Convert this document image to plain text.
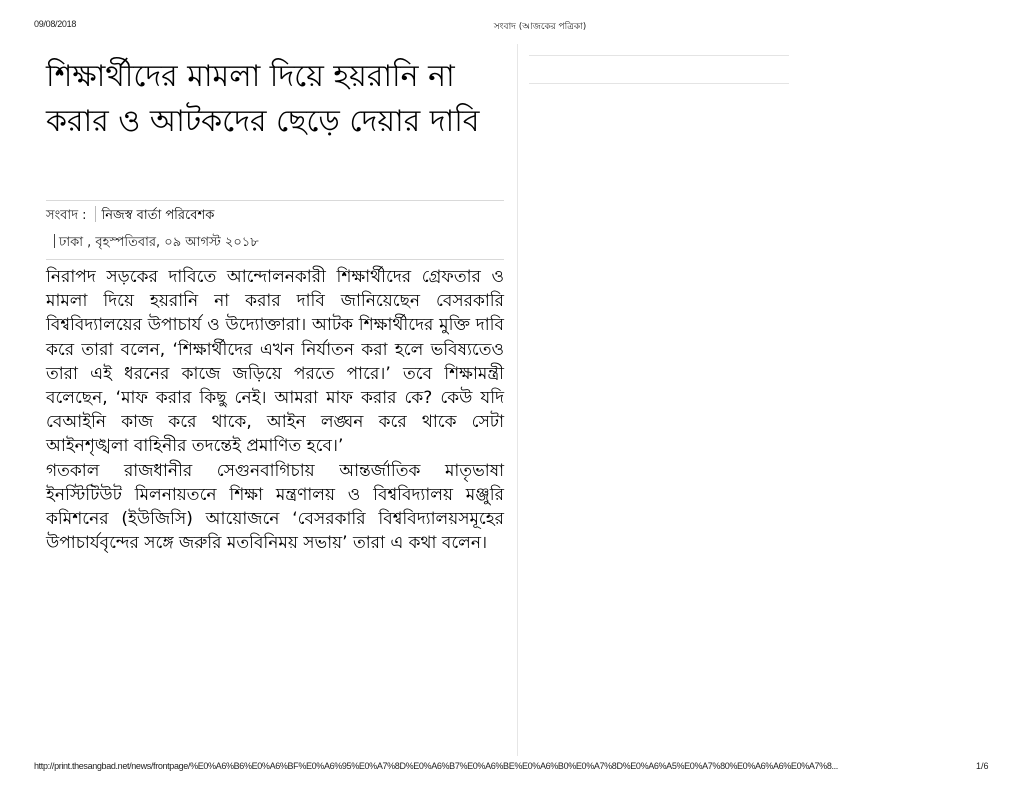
09/08/2018	সংবাদ (আজকের পত্রিকা)
শিক্ষার্থীদের মামলা দিয়ে হয়রানি না করার ও আটকদের ছেড়ে দেয়ার দাবি
সংবাদ : নিজস্ব বার্তা পরিবেশক
ঢাকা , বৃহস্পতিবার, ০৯ আগস্ট ২০১৮

নিরাপদ সড়কের দাবিতে আন্দোলনকারী শিক্ষার্থীদের গ্রেফতার ও মামলা দিয়ে হয়রানি না করার দাবি জানিয়েছেন বেসরকারি বিশ্ববিদ্যালয়ের উপাচার্য ও উদ্যোক্তারা। আটক শিক্ষার্থীদের মুক্তি দাবি করে তারা বলেন, ‘শিক্ষার্থীদের এখন নির্যাতন করা হলে ভবিষ্যতেও তারা এই ধরনের কাজে জড়িয়ে পরতে পারে।’ তবে শিক্ষামন্ত্রী বলেছেন, ‘মাফ করার কিছু নেই। আমরা মাফ করার কে? কেউ যদি বেআইনি কাজ করে থাকে, আইন লঙ্ঘন করে থাকে সেটা আইনশৃঙ্খলা বাহিনীর তদন্তেই প্রমাণিত হবে।’

গতকাল রাজধানীর সেগুনবাগিচায় আন্তর্জাতিক মাতৃভাষা ইনস্টিটিউট মিলনায়তনে শিক্ষা মন্ত্রণালয় ও বিশ্ববিদ্যালয় মঞ্জুরি কমিশনের (ইউজিসি) আয়োজনে ‘বেসরকারি বিশ্ববিদ্যালয়সমূহের উপাচার্যবৃন্দের সঙ্গে জরুরি মতবিনিময় সভায়’ তারা এ কথা বলেন।

http://print.thesangbad.net/news/frontpage/%E0%A6%B6%E0%A6%BF%E0%A6%95%E0%A7%8D%E0%A6%B7%E0%A6%BE%E0%A6%B0%E0%A7%8D%E0%A6%A5%E0%A7%80%E0%A6%A6%E0%A7%8...	1/6
